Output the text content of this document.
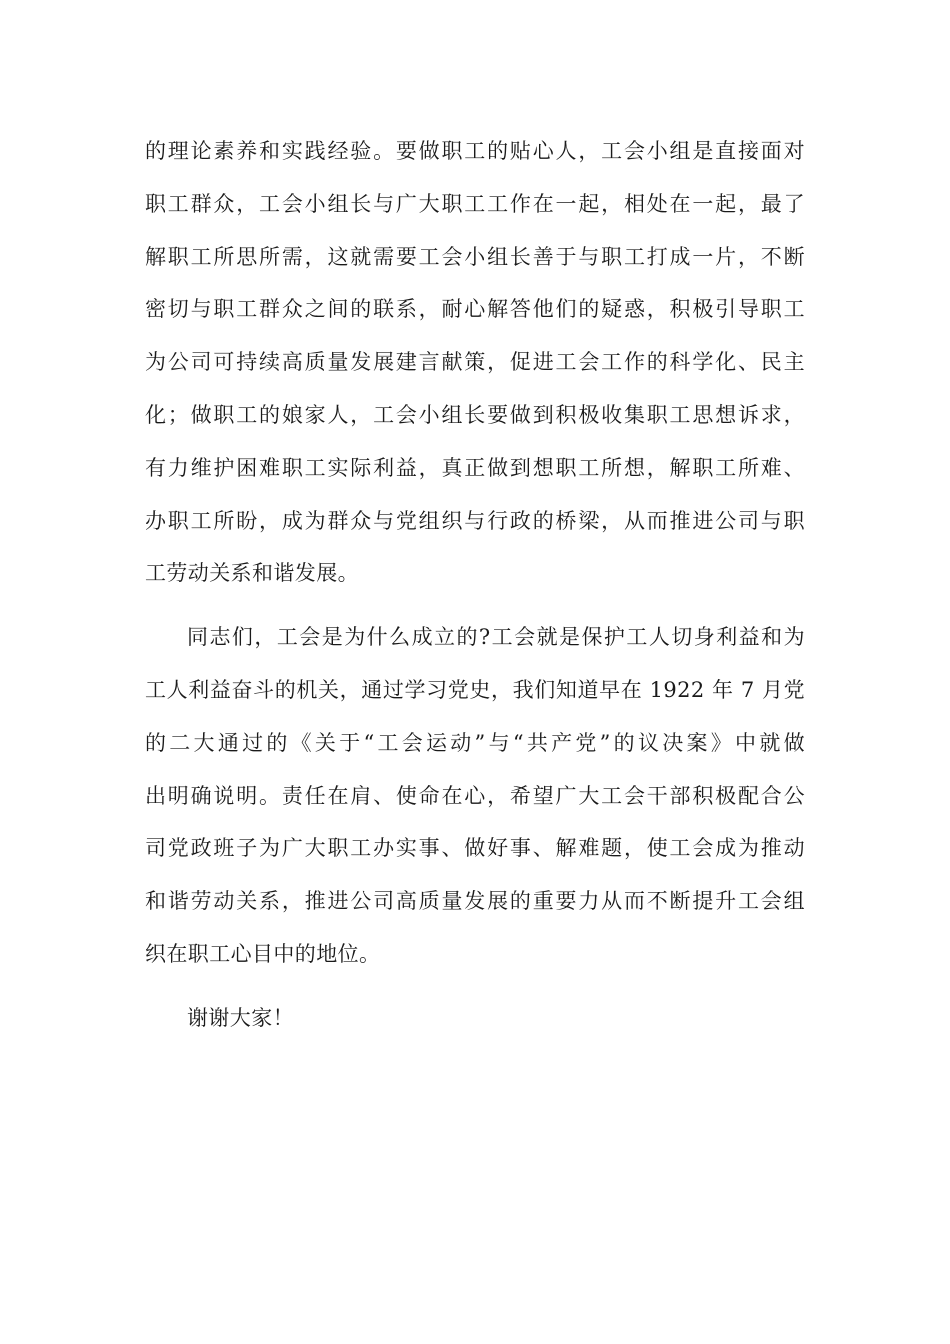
的理论素养和实践经验。要做职工的贴心人，工会小组是直接面对
职工群众，工会小组长与广大职工工作在一起，相处在一起，最了
解职工所思所需，这就需要工会小组长善于与职工打成一片，不断
密切与职工群众之间的联系，耐心解答他们的疑惑，积极引导职工
为公司可持续高质量发展建言献策，促进工会工作的科学化、民主
化；做职工的娘家人，工会小组长要做到积极收集职工思想诉求，
有力维护困难职工实际利益，真正做到想职工所想，解职工所难、
办职工所盼，成为群众与党组织与行政的桥梁，从而推进公司与职
工劳动关系和谐发展。
同志们，工会是为什么成立的?工会就是保护工人切身利益和为
工人利益奋斗的机关，通过学习党史，我们知道早在 1922 年 7 月党
的二大通过的《关于“工会运动”与“共产党”的议决案》中就做
出明确说明。责任在肩、使命在心，希望广大工会干部积极配合公
司党政班子为广大职工办实事、做好事、解难题，使工会成为推动
和谐劳动关系，推进公司高质量发展的重要力从而不断提升工会组
织在职工心目中的地位。
谢谢大家！
